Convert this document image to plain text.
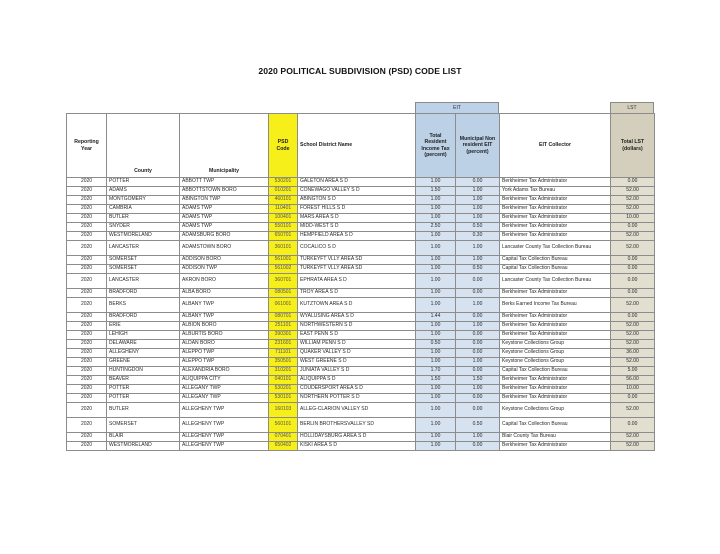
2020 POLITICAL SUBDIVISION (PSD) CODE LIST
EIT	LST
Reporting Year	County	Municipality	PSD Code	School District Name	Total Resident Income Tax (percent)	Municipal Non resident EIT (percent)	EIT Collector	Total LST (dollars)
2020	POTTER	ABBOTT TWP	530201	GALETON AREA S D	1.00	0.00	Berkheimer Tax Administrator	0.00
2020	ADAMS	ABBOTTSTOWN BORO	010201	CONEWAGO VALLEY S D	1.50	1.00	York Adams Tax Bureau	52.00
2020	MONTGOMERY	ABINGTON TWP	460101	ABINGTON S D	1.00	1.00	Berkheimer Tax Administrator	52.00
2020	CAMBRIA	ADAMS TWP	110401	FOREST HILLS S D	1.00	1.00	Berkheimer Tax Administrator	52.00
2020	BUTLER	ADAMS TWP	100401	MARS AREA S D	1.00	1.00	Berkheimer Tax Administrator	10.00
2020	SNYDER	ADAMS TWP	550101	MIDD-WEST S D	2.50	0.50	Berkheimer Tax Administrator	0.00
2020	WESTMORELAND	ADAMSBURG BORO	650701	HEMPFIELD AREA S D	1.00	0.30	Berkheimer Tax Administrator	52.00
2020	LANCASTER	ADAMSTOWN BORO	360101	COCALICO S D	1.00	1.00	Lancaster County Tax Collection Bureau	52.00
2020	SOMERSET	ADDISON BORO	561001	TURKEYFT VLLY AREA SD	1.00	1.00	Capital Tax Collection Bureau	0.00
2020	SOMERSET	ADDISON TWP	561002	TURKEYFT VLLY AREA SD	1.00	0.50	Capital Tax Collection Bureau	0.00
2020	LANCASTER	AKRON BORO	360701	EPHRATA AREA S D	1.00	0.00	Lancaster County Tax Collection Bureau	0.00
2020	BRADFORD	ALBA BORO	080501	TROY AREA S D	1.00	0.00	Berkheimer Tax Administrator	0.00
2020	BERKS	ALBANY TWP	061001	KUTZTOWN AREA S D	1.00	1.00	Berks Earned Income Tax Bureau	52.00
2020	BRADFORD	ALBANY TWP	080701	WYALUSING AREA S D	1.44	0.00	Berkheimer Tax Administrator	0.00
2020	ERIE	ALBION BORO	251101	NORTHWESTERN S D	1.00	1.00	Berkheimer Tax Administrator	52.00
2020	LEHIGH	ALBURTIS BORO	390301	EAST PENN S D	1.00	0.00	Berkheimer Tax Administrator	52.00
2020	DELAWARE	ALDAN BORO	231601	WILLIAM PENN S D	0.50	0.00	Keystone Collections Group	52.00
2020	ALLEGHENY	ALEPPO TWP	711101	QUAKER VALLEY S D	1.00	0.00	Keystone Collections Group	36.00
2020	GREENE	ALEPPO TWP	350501	WEST GREENE S D	1.00	1.00	Keystone Collections Group	52.00
2020	HUNTINGDON	ALEXANDRIA BORO	310201	JUNIATA VALLEY S D	1.70	0.00	Capital Tax Collection Bureau	5.00
2020	BEAVER	ALIQUIPPA CITY	040101	ALIQUIPPA S D	1.50	1.50	Berkheimer Tax Administrator	56.00
2020	POTTER	ALLEGANY TWP	530201	COUDERSPORT AREA S D	1.00	1.00	Berkheimer Tax Administrator	10.00
2020	POTTER	ALLEGANY TWP	530101	NORTHERN POTTER S D	1.00	0.00	Berkheimer Tax Administrator	0.00
2020	BUTLER	ALLEGHENY TWP	160103	ALLEG-CLARION VALLEY SD	1.00	0.00	Keystone Collections Group	52.00
2020	SOMERSET	ALLEGHENY TWP	560101	BERLIN BROTHERSVALLEY SD	1.00	0.50	Capital Tax Collection Bureau	0.00
2020	BLAIR	ALLEGHENY TWP	070401	HOLLIDAYSBURG AREA S D	1.00	1.00	Blair County Tax Bureau	52.00
2020	WESTMORELAND	ALLEGHENY TWP	650402	KISKI AREA S D	1.00	0.00	Berkheimer Tax Administrator	52.00
